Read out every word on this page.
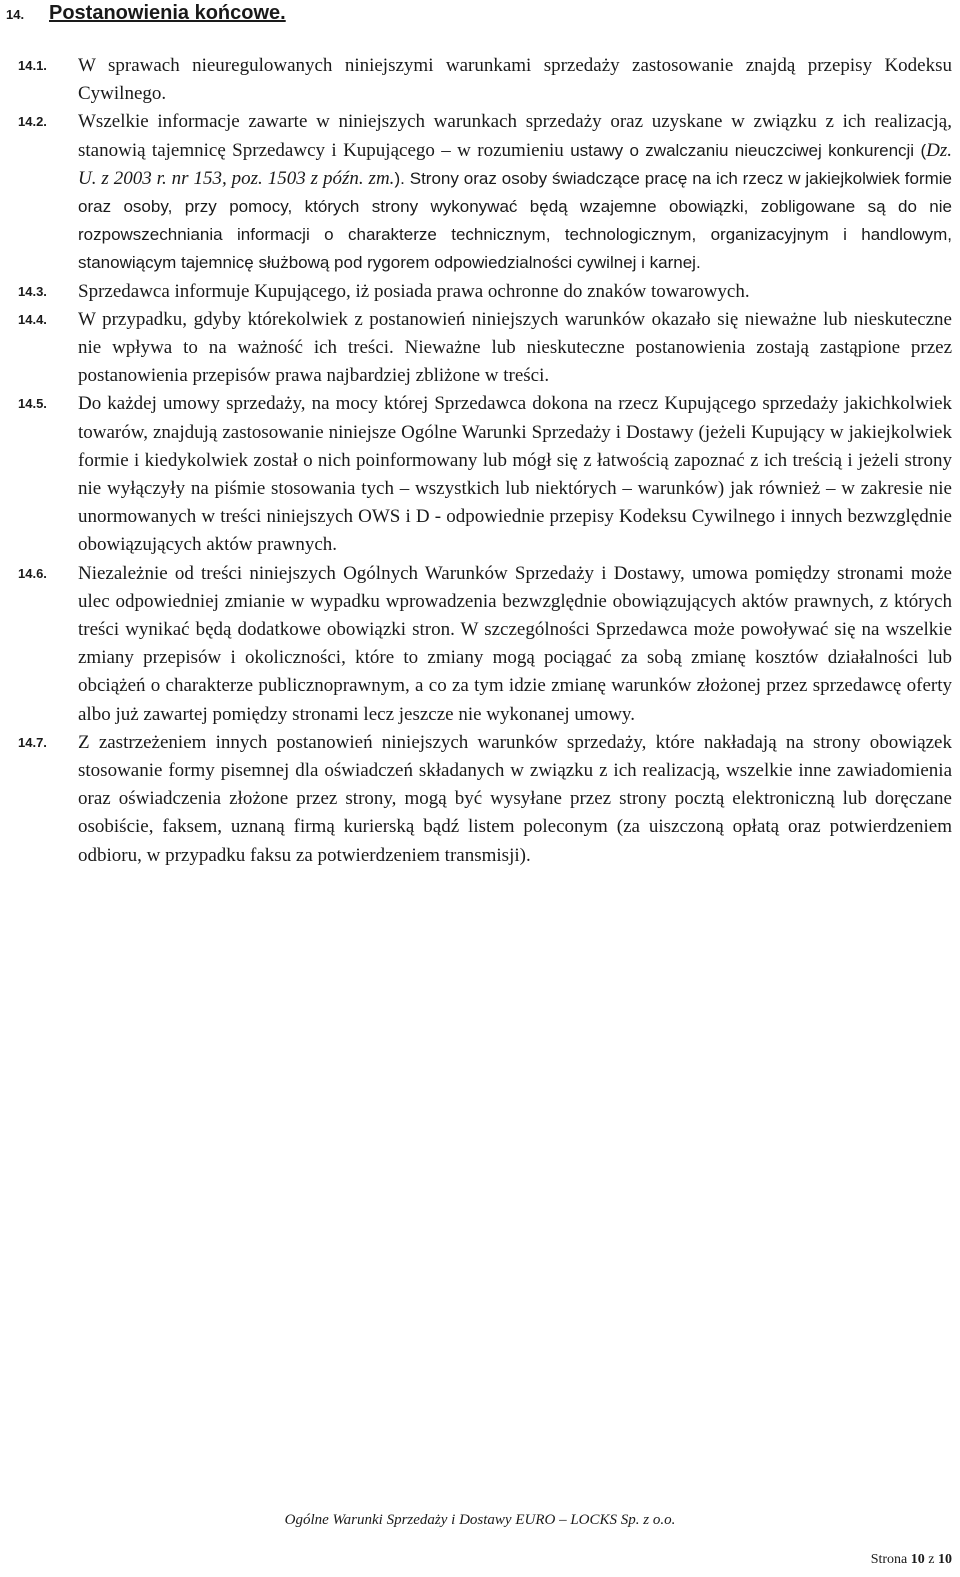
14. Postanowienia końcowe.
14.1. W sprawach nieuregulowanych niniejszymi warunkami sprzedaży zastosowanie znajdą przepisy Kodeksu Cywilnego.
14.2. Wszelkie informacje zawarte w niniejszych warunkach sprzedaży oraz uzyskane w związku z ich realizacją, stanowią tajemnicę Sprzedawcy i Kupującego – w rozumieniu ustawy o zwalczaniu nieuczciwej konkurencji (Dz. U. z 2003 r. nr 153, poz. 1503 z późn. zm.). Strony oraz osoby świadczące pracę na ich rzecz w jakiejkolwiek formie oraz osoby, przy pomocy, których strony wykonywać będą wzajemne obowiązki, zobligowane są do nie rozpowszechniania informacji o charakterze technicznym, technologicznym, organizacyjnym i handlowym, stanowiącym tajemnicę służbową pod rygorem odpowiedzialności cywilnej i karnej.
14.3. Sprzedawca informuje Kupującego, iż posiada prawa ochronne do znaków towarowych.
14.4. W przypadku, gdyby którekolwiek z postanowień niniejszych warunków okazało się nieważne lub nieskuteczne nie wpływa to na ważność ich treści. Nieważne lub nieskuteczne postanowienia zostają zastąpione przez postanowienia przepisów prawa najbardziej zbliżone w treści.
14.5. Do każdej umowy sprzedaży, na mocy której Sprzedawca dokona na rzecz Kupującego sprzedaży jakichkolwiek towarów, znajdują zastosowanie niniejsze Ogólne Warunki Sprzedaży i Dostawy (jeżeli Kupujący w jakiejkolwiek formie i kiedykolwiek został o nich poinformowany lub mógł się z łatwością zapoznać z ich treścią i jeżeli strony nie wyłączyły na piśmie stosowania tych – wszystkich lub niektórych – warunków) jak również – w zakresie nie unormowanych w treści niniejszych OWS i D - odpowiednie przepisy Kodeksu Cywilnego i innych bezwzględnie obowiązujących aktów prawnych.
14.6. Niezależnie od treści niniejszych Ogólnych Warunków Sprzedaży i Dostawy, umowa pomiędzy stronami może ulec odpowiedniej zmianie w wypadku wprowadzenia bezwzględnie obowiązujących aktów prawnych, z których treści wynikać będą dodatkowe obowiązki stron. W szczególności Sprzedawca może powoływać się na wszelkie zmiany przepisów i okoliczności, które to zmiany mogą pociągać za sobą zmianę kosztów działalności lub obciążeń o charakterze publicznoprawnym, a co za tym idzie zmianę warunków złożonej przez sprzedawcę oferty albo już zawartej pomiędzy stronami lecz jeszcze nie wykonanej umowy.
14.7. Z zastrzeżeniem innych postanowień niniejszych warunków sprzedaży, które nakładają na strony obowiązek stosowanie formy pisemnej dla oświadczeń składanych w związku z ich realizacją, wszelkie inne zawiadomienia oraz oświadczenia złożone przez strony, mogą być wysyłane przez strony pocztą elektroniczną lub doręczane osobiście, faksem, uznaną firmą kurierską bądź listem poleconym (za uiszczoną opłatą oraz potwierdzeniem odbioru, w przypadku faksu za potwierdzeniem transmisji).
Ogólne Warunki Sprzedaży i Dostawy EURO – LOCKS Sp. z o.o.
Strona 10 z 10
